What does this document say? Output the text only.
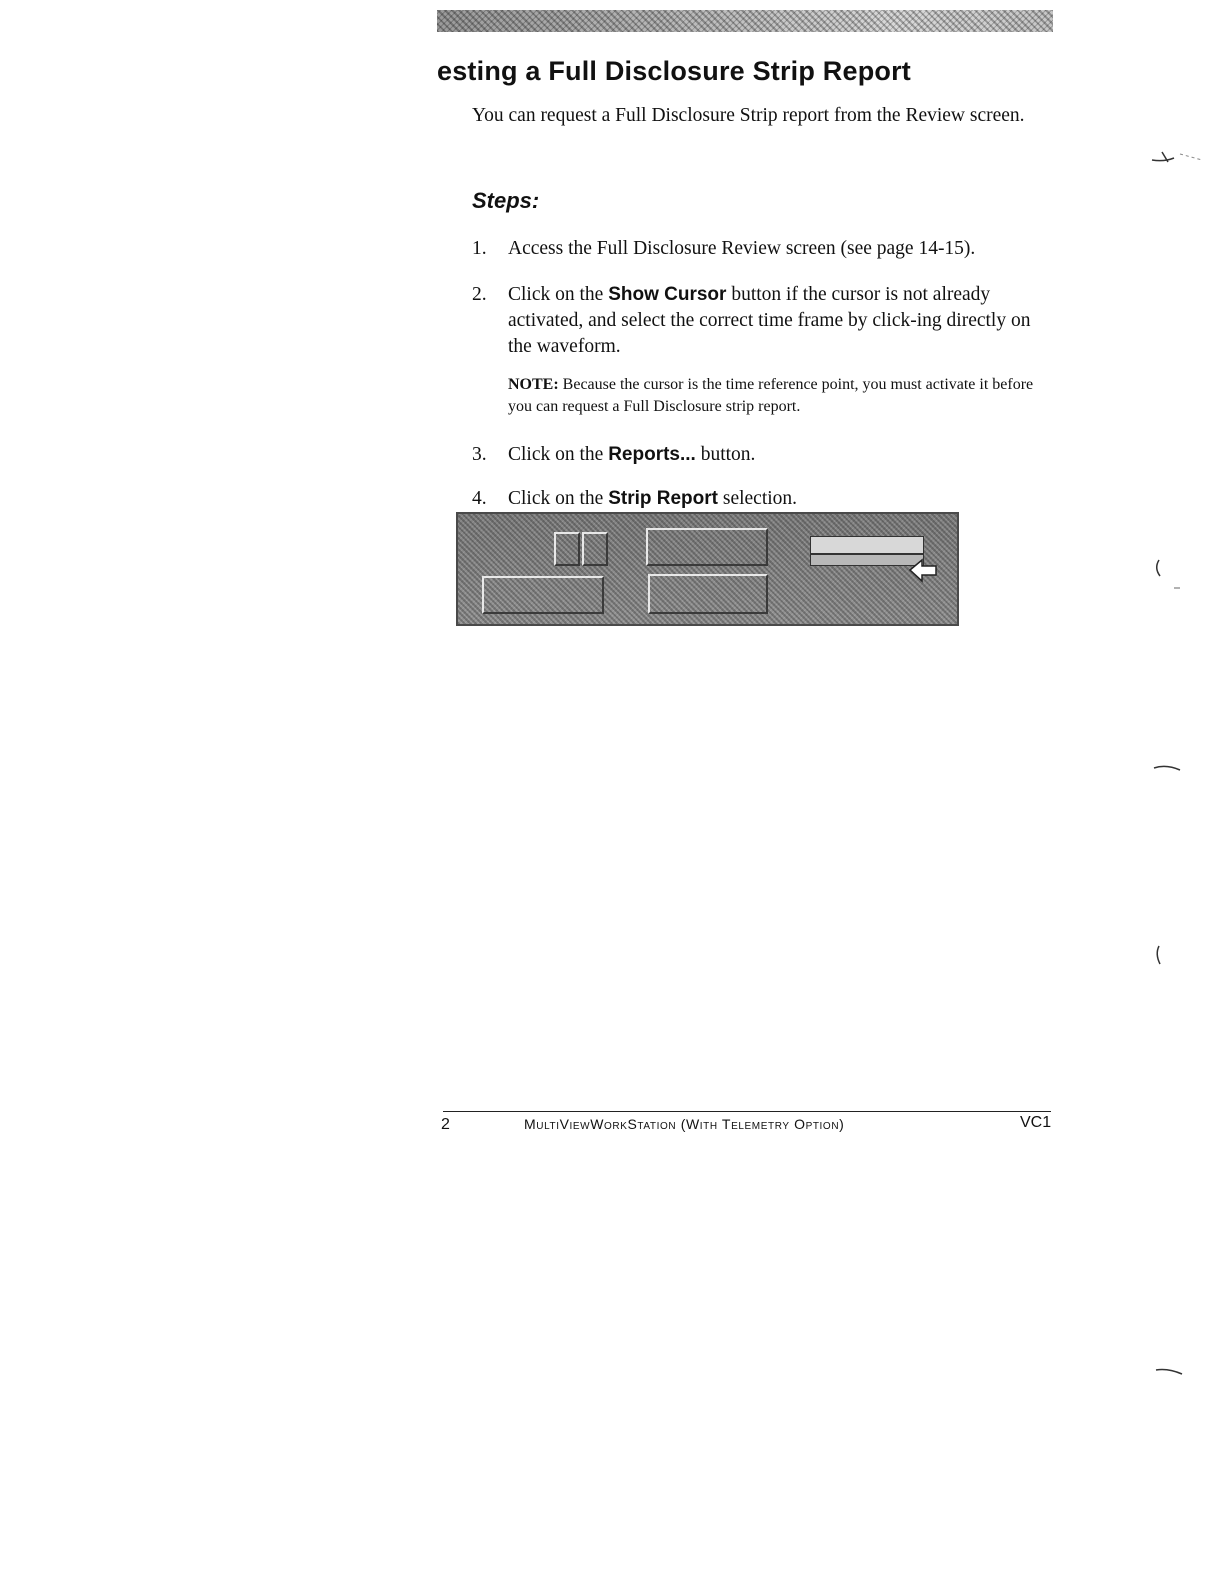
esting a Full Disclosure Strip Report

You can request a Full Disclosure Strip report from the Review screen.

Steps:
1. Access the Full Disclosure Review screen (see page 14-15).
2. Click on the Show Cursor button if the cursor is not already activated, and select the correct time frame by click-ing directly on the waveform.

NOTE: Because the cursor is the time reference point, you must activate it before you can request a Full Disclosure strip report.

3. Click on the Reports... button.
4. Click on the Strip Report selection.
2	MultiViewWorkStation (With Telemetry Option)	VC1
